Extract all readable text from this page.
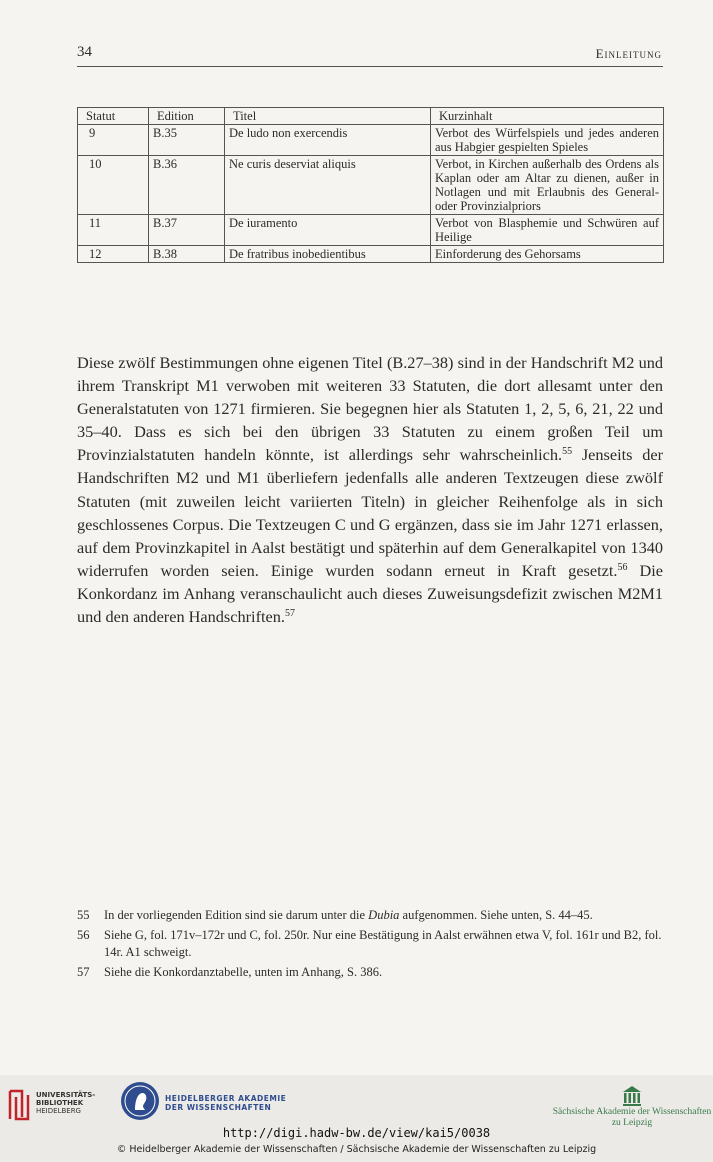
34	Einleitung
Statut	Edition	Titel	Kurzinhalt
9	B.35	De ludo non exercendis	Verbot des Würfelspiels und jedes anderen aus Habgier gespielten Spieles
10	B.36	Ne curis deserviat aliquis	Verbot, in Kirchen außerhalb des Ordens als Kaplan oder am Altar zu dienen, außer in Notlagen und mit Erlaubnis des General- oder Provinzialpriors
11	B.37	De iuramento	Verbot von Blasphemie und Schwüren auf Heilige
12	B.38	De fratribus inobedientibus	Einforderung des Gehorsams

Diese zwölf Bestimmungen ohne eigenen Titel (B.27–38) sind in der Handschrift M2 und ihrem Transkript M1 verwoben mit weiteren 33 Statuten, die dort allesamt unter den Generalstatuten von 1271 firmieren. Sie begegnen hier als Statuten 1, 2, 5, 6, 21, 22 und 35–40. Dass es sich bei den übrigen 33 Statuten zu einem großen Teil um Provinzialstatuten handeln könnte, ist allerdings sehr wahrscheinlich.$^{55}$ Jenseits der Handschriften M2 und M1 überliefern jedenfalls alle anderen Textzeugen diese zwölf Statuten (mit zuweilen leicht variierten Titeln) in gleicher Reihenfolge als in sich geschlossenes Corpus. Die Textzeugen C und G ergänzen, dass sie im Jahr 1271 erlassen, auf dem Provinzkapitel in Aalst bestätigt und späterhin auf dem Generalkapitel von 1340 widerrufen worden seien. Einige wurden sodann erneut in Kraft gesetzt.$^{56}$ Die Konkordanz im Anhang veranschaulicht auch dieses Zuweisungsdefizit zwischen M2M1 und den anderen Handschriften.$^{57}$

55 In der vorliegenden Edition sind sie darum unter die Dubia aufgenommen. Siehe unten, S. 44–45.
56 Siehe G, fol. 171v–172r und C, fol. 250r. Nur eine Bestätigung in Aalst erwähnen etwa V, fol. 161r und B2, fol. 14r. A1 schweigt.
57 Siehe die Konkordanztabelle, unten im Anhang, S. 386.
UNIVERSITÄTS-
BIBLIOTHEK
HEIDELBERG
HEIDELBERGER AKADEMIE
DER WISSENSCHAFTEN	Sächsische Akademie der Wissenschaften
zu Leipzig
http://digi.hadw-bw.de/view/kai5/0038
© Heidelberger Akademie der Wissenschaften / Sächsische Akademie der Wissenschaften zu Leipzig
